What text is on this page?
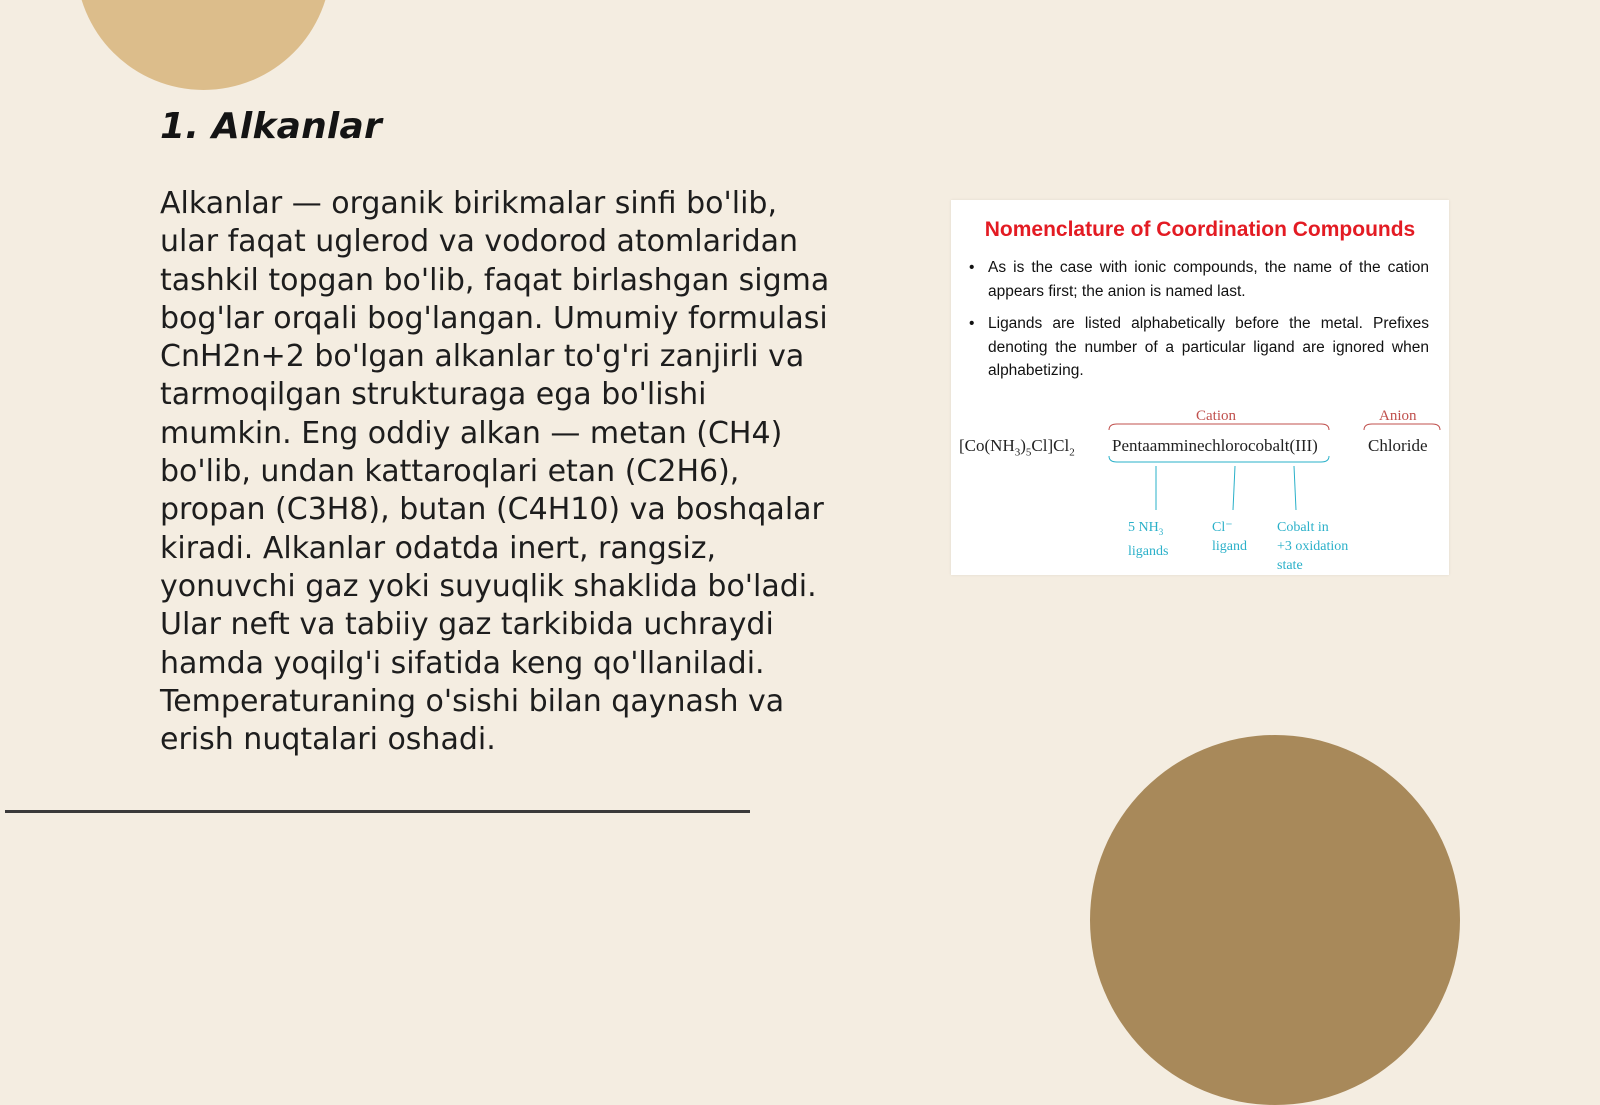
1. Alkanlar

Alkanlar — organik birikmalar sinfi bo'lib, ular faqat uglerod va vodorod atomlaridan tashkil topgan bo'lib, faqat birlashgan sigma bog'lar orqali bog'langan. Umumiy formulasi CnH2n+2 bo'lgan alkanlar to'g'ri zanjirli va tarmoqilgan strukturaga ega bo'lishi mumkin. Eng oddiy alkan — metan (CH4) bo'lib, undan kattaroqlari etan (C2H6), propan (C3H8), butan (C4H10) va boshqalar kiradi. Alkanlar odatda inert, rangsiz, yonuvchi gaz yoki suyuqlik shaklida bo'ladi. Ular neft va tabiiy gaz tarkibida uchraydi hamda yoqilg'i sifatida keng qo'llaniladi. Temperaturaning o'sishi bilan qaynash va erish nuqtalari oshadi.

Nomenclature of Coordination Compounds
• As is the case with ionic compounds, the name of the cation appears first; the anion is named last.
• Ligands are listed alphabetically before the metal. Prefixes denoting the number of a particular ligand are ignored when alphabetizing.
Cation	Anion
$[Co(NH_3)_5Cl]Cl_2$ Pentaamminechlorocobalt(III)	Chloride
5 $NH_3$
ligands
Cl⁻
ligand
Cobalt in
+3 oxidation
state
